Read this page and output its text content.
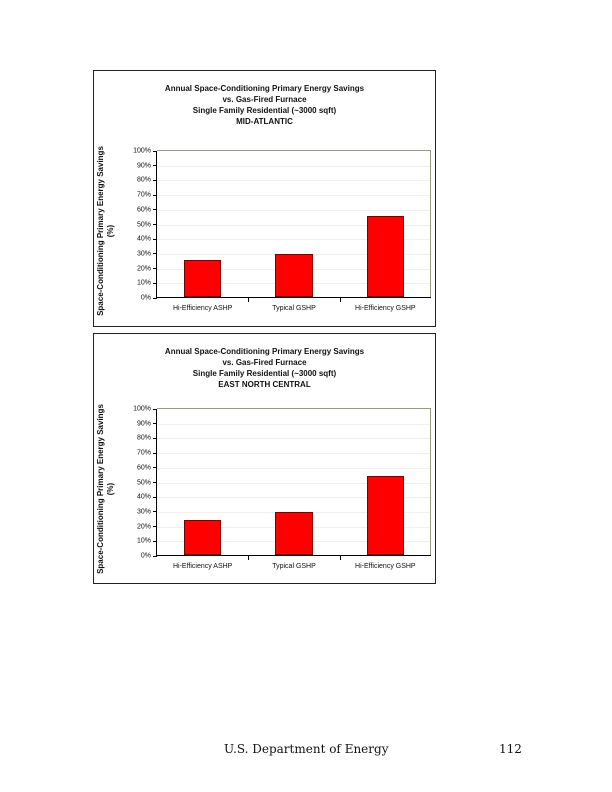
Annual Space-Conditioning Primary Energy Savings
vs. Gas-Fired Furnace
Single Family Residential (~3000 sqft)
MID-ATLANTIC
Space-Conditioning Primary Energy Savings (%)
0%
10%
20%
30%
40%
50%
60%
70%
80%
90%
100%
Hi-Efficiency ASHP	Typical GSHP	Hi-Efficiency GSHP
Annual Space-Conditioning Primary Energy Savings
vs. Gas-Fired Furnace
Single Family Residential (~3000 sqft)
EAST NORTH CENTRAL
Space-Conditioning Primary Energy Savings (%)
0%
10%
20%
30%
40%
50%
60%
70%
80%
90%
100%
Hi-Efficiency ASHP	Typical GSHP	Hi-Efficiency GSHP
U.S. Department of Energy	112
